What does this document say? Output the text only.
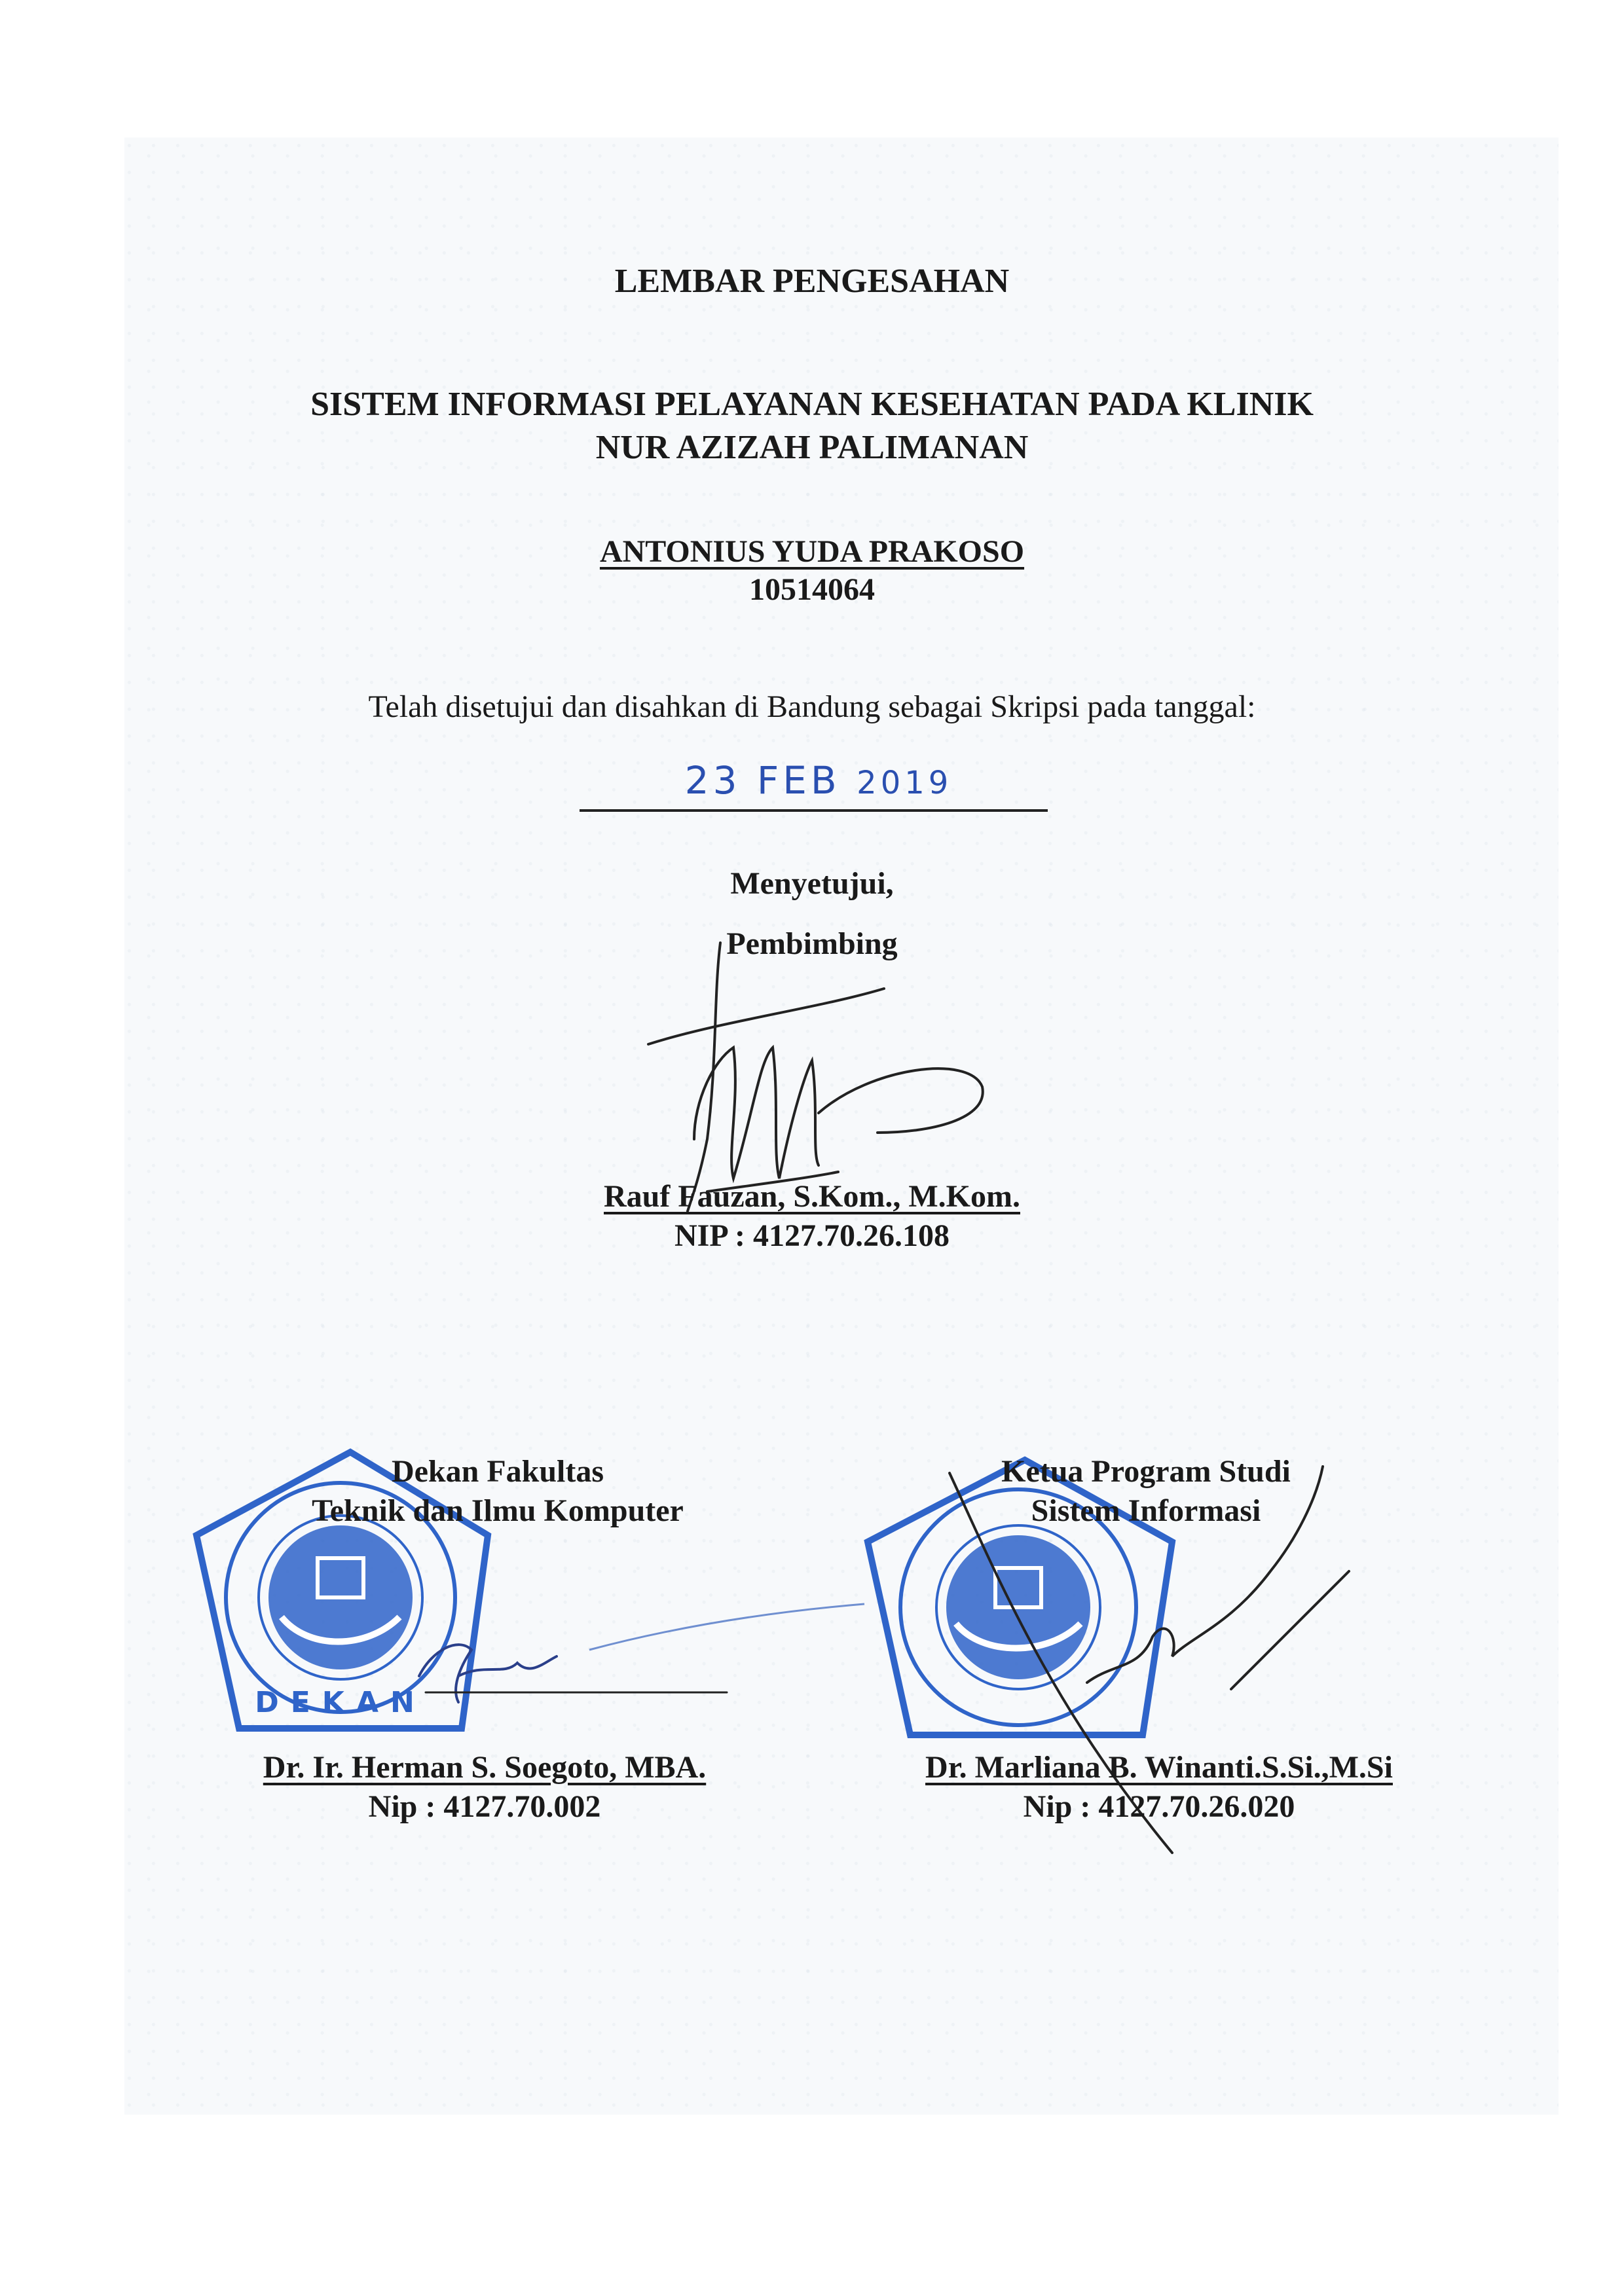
LEMBAR PENGESAHAN
SISTEM INFORMASI PELAYANAN KESEHATAN PADA KLINIK
NUR AZIZAH PALIMANAN
ANTONIUS YUDA PRAKOSO
10514064
Telah disetujui dan disahkan di Bandung sebagai Skripsi pada tanggal:
23 FEB 2019
Menyetujui,
Pembimbing
Rauf Fauzan, S.Kom., M.Kom.
NIP : 4127.70.26.108
DEKAN
Dekan Fakultas
Teknik dan Ilmu Komputer
Ketua Program Studi
Sistem Informasi
Dr. Ir. Herman S. Soegoto, MBA.
Nip : 4127.70.002
Dr. Marliana B. Winanti.S.Si.,M.Si
Nip : 4127.70.26.020
